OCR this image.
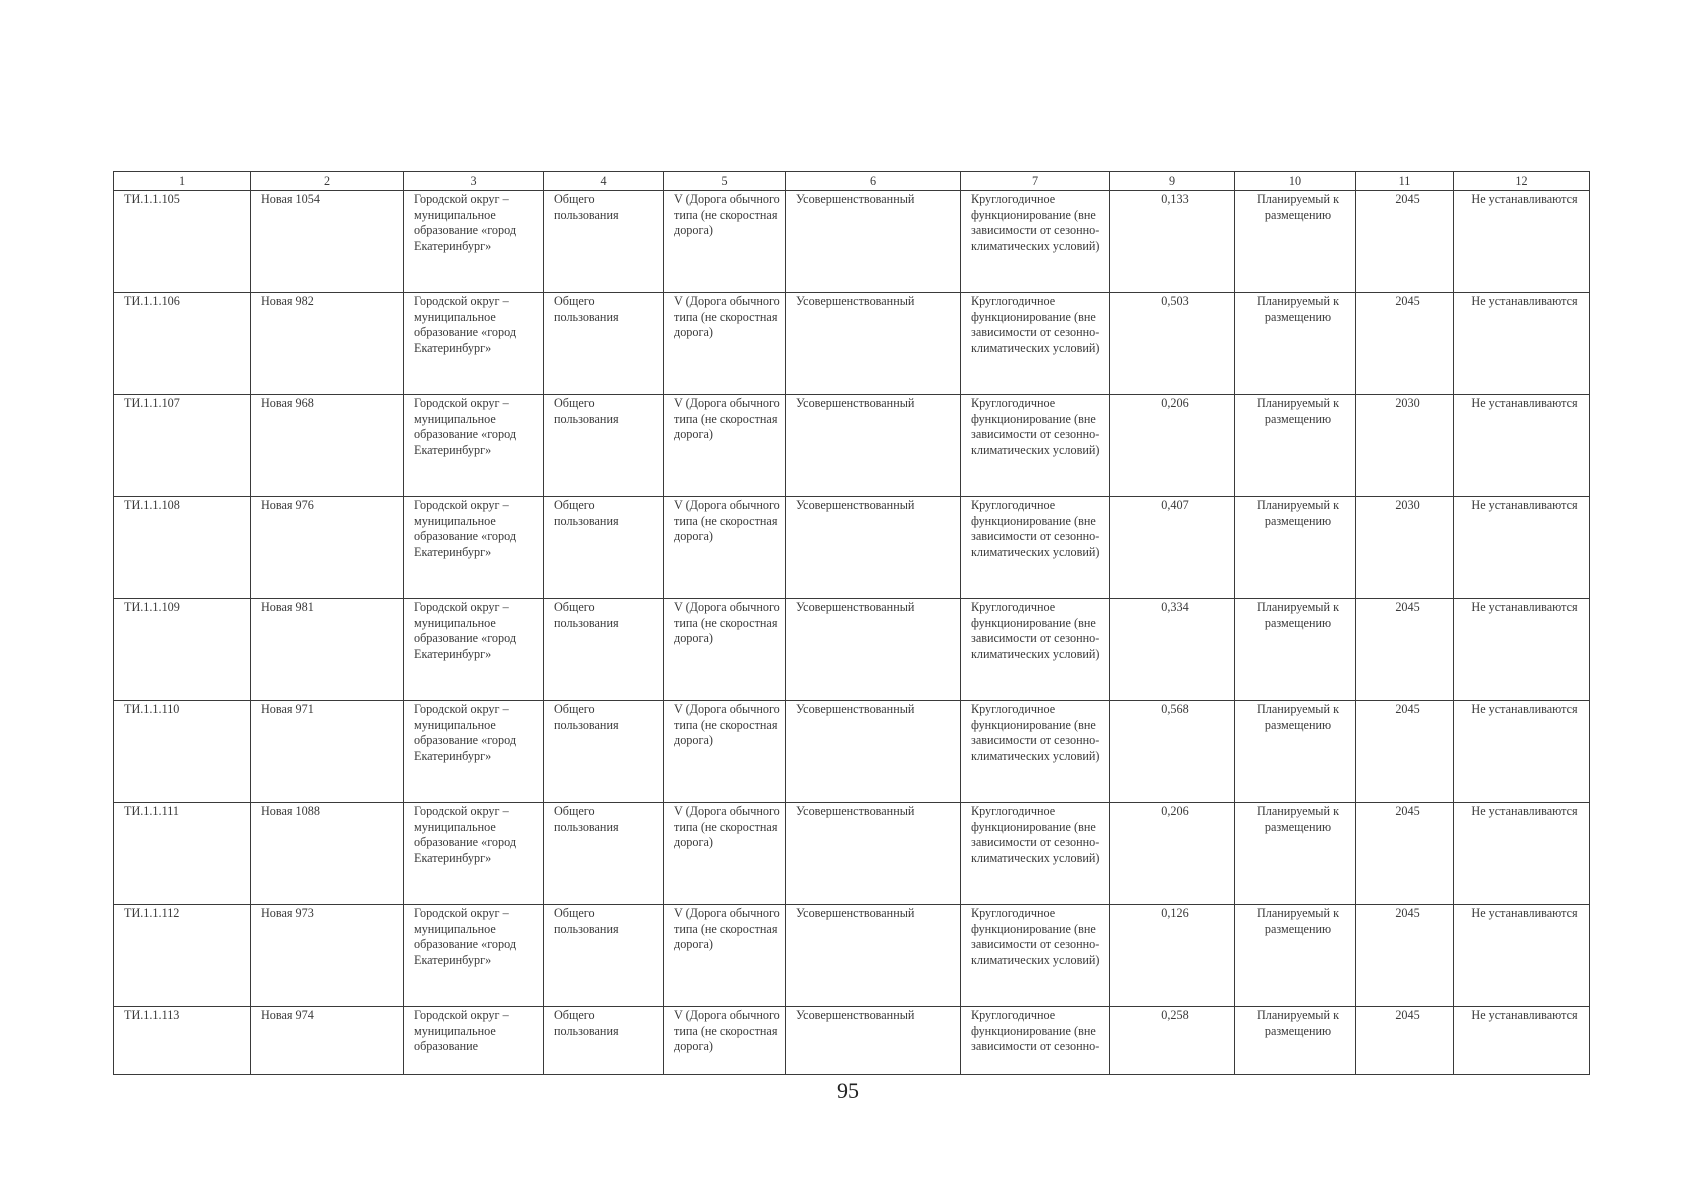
1	2	3	4	5	6	7	9	10	11	12
ТИ.1.1.105	Новая 1054	Городской округ – муниципальное образование «город Екатеринбург»	Общего пользования	V (Дорога обычного типа (не скоростная дорога)	Усовершенствованный	Круглогодичное функционирование (вне зависимости от сезонно-климатических условий)	0,133	Планируемый к размещению	2045	Не устанавливаются
ТИ.1.1.106	Новая 982	Городской округ – муниципальное образование «город Екатеринбург»	Общего пользования	V (Дорога обычного типа (не скоростная дорога)	Усовершенствованный	Круглогодичное функционирование (вне зависимости от сезонно-климатических условий)	0,503	Планируемый к размещению	2045	Не устанавливаются
ТИ.1.1.107	Новая 968	Городской округ – муниципальное образование «город Екатеринбург»	Общего пользования	V (Дорога обычного типа (не скоростная дорога)	Усовершенствованный	Круглогодичное функционирование (вне зависимости от сезонно-климатических условий)	0,206	Планируемый к размещению	2030	Не устанавливаются
ТИ.1.1.108	Новая 976	Городской округ – муниципальное образование «город Екатеринбург»	Общего пользования	V (Дорога обычного типа (не скоростная дорога)	Усовершенствованный	Круглогодичное функционирование (вне зависимости от сезонно-климатических условий)	0,407	Планируемый к размещению	2030	Не устанавливаются
ТИ.1.1.109	Новая 981	Городской округ – муниципальное образование «город Екатеринбург»	Общего пользования	V (Дорога обычного типа (не скоростная дорога)	Усовершенствованный	Круглогодичное функционирование (вне зависимости от сезонно-климатических условий)	0,334	Планируемый к размещению	2045	Не устанавливаются
ТИ.1.1.110	Новая 971	Городской округ – муниципальное образование «город Екатеринбург»	Общего пользования	V (Дорога обычного типа (не скоростная дорога)	Усовершенствованный	Круглогодичное функционирование (вне зависимости от сезонно-климатических условий)	0,568	Планируемый к размещению	2045	Не устанавливаются
ТИ.1.1.111	Новая 1088	Городской округ – муниципальное образование «город Екатеринбург»	Общего пользования	V (Дорога обычного типа (не скоростная дорога)	Усовершенствованный	Круглогодичное функционирование (вне зависимости от сезонно-климатических условий)	0,206	Планируемый к размещению	2045	Не устанавливаются
ТИ.1.1.112	Новая 973	Городской округ – муниципальное образование «город Екатеринбург»	Общего пользования	V (Дорога обычного типа (не скоростная дорога)	Усовершенствованный	Круглогодичное функционирование (вне зависимости от сезонно-климатических условий)	0,126	Планируемый к размещению	2045	Не устанавливаются
ТИ.1.1.113	Новая 974	Городской округ – муниципальное образование	Общего пользования	V (Дорога обычного типа (не скоростная дорога)	Усовершенствованный	Круглогодичное функционирование (вне зависимости от сезонно-	0,258	Планируемый к размещению	2045	Не устанавливаются
95
